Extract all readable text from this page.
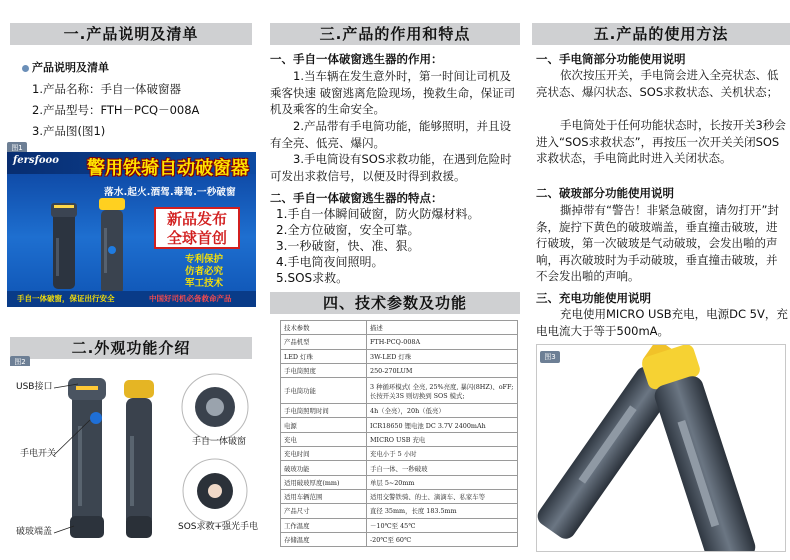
一.产品说明及清单
产品说明及清单
1.产品名称：手自一体破窗器
2.产品型号：FTH－PCQ－008A
3.产品图(图1)
图1
fersfooo 警用铁骑自动破窗器
落水.起火.酒驾.毒驾.一秒破窗
新品发布
全球首创
专利保护
仿者必究
军工技术
手自一体破窗，保证出行安全	中国好司机必备救命产品
二.外观功能介绍
图2
USB接口
手电开关
破玻端盖
手自一体破窗
SOS求救+强光手电
三.产品的作用和特点
一、手自一体破窗逃生器的作用：
1.当车辆在发生意外时，第一时间让司机及乘客快速 破窗逃离危险现场，挽救生命，保证司机及乘客的生命安全。
2.产品带有手电筒功能，能够照明，并且设有全亮、低亮、爆闪。
3.手电筒设有SOS求救功能，在遇到危险时可发出求救信号，以便及时得到救援。
二、手自一体破窗逃生器的特点：
1.手自一体瞬间破窗，防火防爆材料。
2.全方位破窗，安全可靠。
3.一秒破窗，快、准、狠。
4.手电筒夜间照明。
5.SOS求救。
四、技术参数及功能
技术参数	描述
产品机型	FTH-PCQ-008A
LED 灯珠	3W-LED 灯珠
手电筒照度	250-270LUM
手电筒功能	3 种循环模式( 全亮, 25%亮度, 暴闪(8HZ)、oFF;
长按开关3S 则切换到 SOS 模式;
手电筒照明时间	4h（全亮），20h（低亮）
电源	ICR18650 锂电池 DC 3.7V 2400mAh
充电	MICRO USB 充电
充电时间	充电小于 5 小时
破玻功能	手自一体、一秒破玻
适用破玻厚度(mm)	单层 5~20mm
适用车辆范围	适用交警铁骑、的士、滴滴车、私家车等
产品尺寸	直径 35mm，长度 183.5mm
工作温度	－10℃至 45℃
存储温度	-20℃至 60℃
五.产品的使用方法
一、手电筒部分功能使用说明
依次按压开关，手电筒会进入全亮状态、低亮状态、爆闪状态、SOS求救状态、关机状态；
手电筒处于任何功能状态时，长按开关3秒会进入“SOS求救状态”，再按压一次开关关闭SOS求救状态，手电筒此时进入关闭状态。
二、破玻部分功能使用说明
撕掉带有“警告！非紧急破窗，请勿打开”封条，旋拧下黄色的破玻端盖，垂直撞击破玻，进行破玻，第一次破玻是气动破玻，会发出啪的声响，再次破玻时为手动破玻，垂直撞击破玻，并不会发出啪的声响。
三、充电功能使用说明
充电使用MICRO USB充电，电源DC 5V，充电电流大于等于500mA。
图3
